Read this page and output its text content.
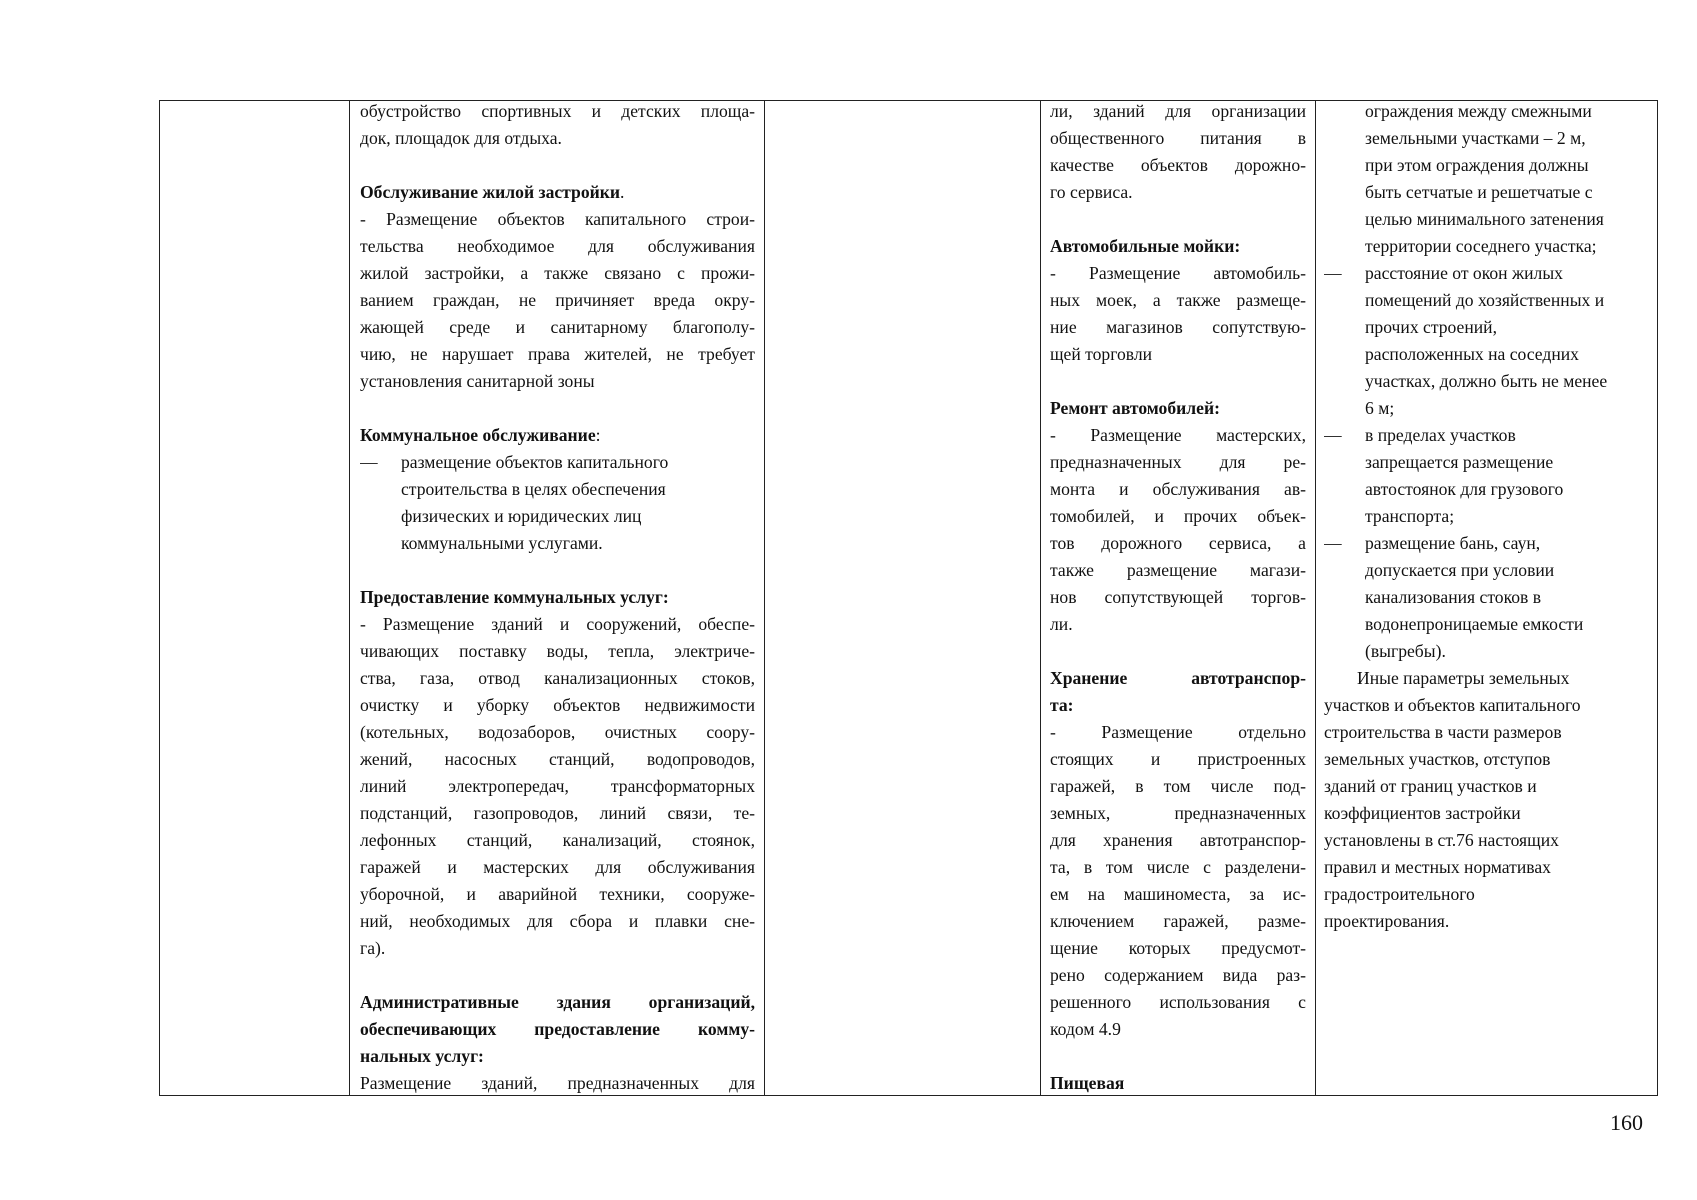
обустройство спортивных и детских площа-

док, площадок для отдыха.

Обслуживание жилой застройки.

- Размещение объектов капитального строи-

тельства необходимое для обслуживания

жилой застройки, а также связано с прожи-

ванием граждан, не причиняет вреда окру-

жающей среде и санитарному благополу-

чию, не нарушает права жителей, не требует

установления санитарной зоны

Коммунальное обслуживание:

— размещение объектов капитального

строительства в целях обеспечения

физических и юридических лиц

коммунальными услугами.

Предоставление коммунальных услуг:

- Размещение зданий и сооружений, обеспе-

чивающих поставку воды, тепла, электриче-

ства, газа, отвод канализационных стоков,

очистку и уборку объектов недвижимости

(котельных, водозаборов, очистных соору-

жений, насосных станций, водопроводов,

линий электропередач, трансформаторных

подстанций, газопроводов, линий связи, те-

лефонных станций, канализаций, стоянок,

гаражей и мастерских для обслуживания

уборочной, и аварийной техники, сооруже-

ний, необходимых для сбора и плавки сне-

га).

Административные здания организаций,

обеспечивающих предоставление комму-

нальных услуг:

Размещение зданий, предназначенных для

ли, зданий для организации

общественного питания в

качестве объектов дорожно-

го сервиса.

Автомобильные мойки:

- Размещение автомобиль-

ных моек, а также размеще-

ние магазинов сопутствую-

щей торговли

Ремонт автомобилей:

- Размещение мастерских,

предназначенных для ре-

монта и обслуживания ав-

томобилей, и прочих объек-

тов дорожного сервиса, а

также размещение магази-

нов сопутствующей торгов-

ли.

Хранение автотранспор-

та:

- Размещение отдельно

стоящих и пристроенных

гаражей, в том числе под-

земных, предназначенных

для хранения автотранспор-

та, в том числе с разделени-

ем на машиноместа, за ис-

ключением гаражей, разме-

щение которых предусмот-

рено содержанием вида раз-

решенного использования с

кодом 4.9

Пищевая

ограждения между смежными

земельными участками – 2 м,

при этом ограждения должны

быть сетчатые и решетчатые с

целью минимального затенения

территории соседнего участка;

— расстояние от окон жилых

помещений до хозяйственных и

прочих строений,

расположенных на соседних

участках, должно быть не менее

6 м;

— в пределах участков

запрещается размещение

автостоянок для грузового

транспорта;

— размещение бань, саун,

допускается при условии

канализования стоков в

водонепроницаемые емкости

(выгребы).

Иные параметры земельных

участков и объектов капитального

строительства в части размеров

земельных участков, отступов

зданий от границ участков и

коэффициентов застройки

установлены в ст.76 настоящих

правил и местных нормативах

градостроительного

проектирования.

160
